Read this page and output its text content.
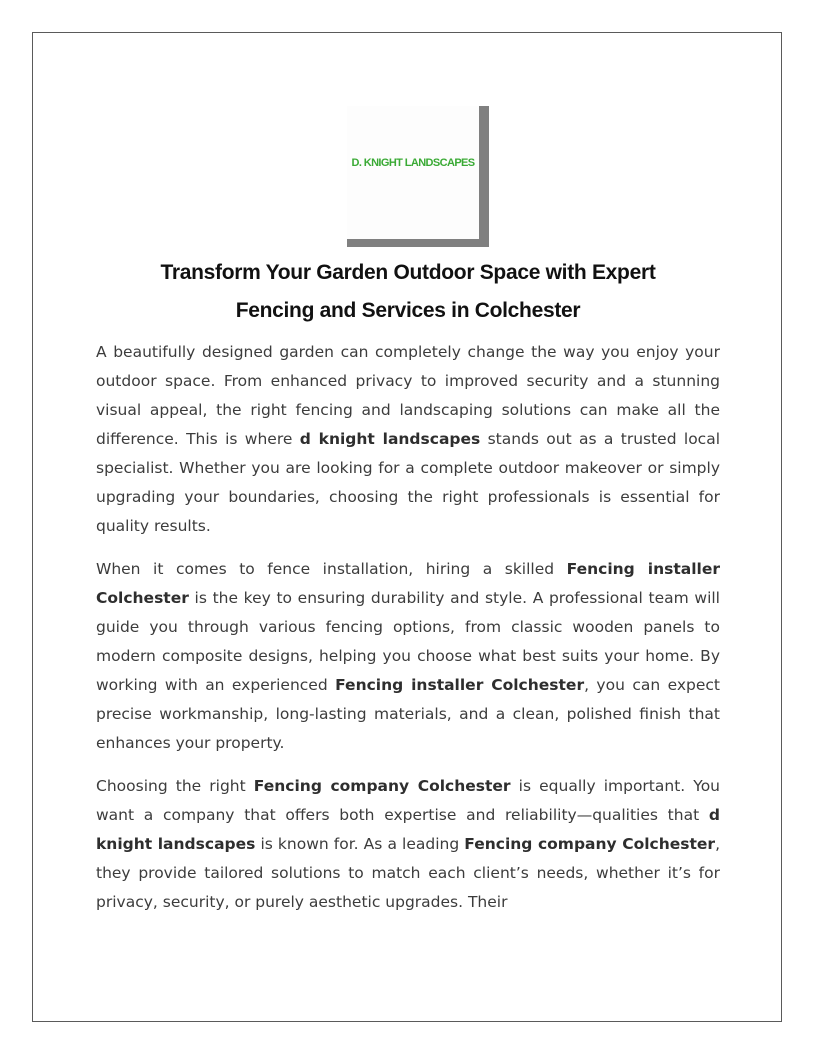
D. KNIGHT LANDSCAPES
Transform Your Garden Outdoor Space with Expert
Fencing and Services in Colchester

A beautifully designed garden can completely change the way you enjoy your outdoor space. From enhanced privacy to improved security and a stunning visual appeal, the right fencing and landscaping solutions can make all the difference. This is where d knight landscapes stands out as a trusted local specialist. Whether you are looking for a complete outdoor makeover or simply upgrading your boundaries, choosing the right professionals is essential for quality results.

When it comes to fence installation, hiring a skilled Fencing installer Colchester is the key to ensuring durability and style. A professional team will guide you through various fencing options, from classic wooden panels to modern composite designs, helping you choose what best suits your home. By working with an experienced Fencing installer Colchester, you can expect precise workmanship, long-lasting materials, and a clean, polished finish that enhances your property.

Choosing the right Fencing company Colchester is equally important. You want a company that offers both expertise and reliability—qualities that d knight landscapes is known for. As a leading Fencing company Colchester, they provide tailored solutions to match each client’s needs, whether it’s for privacy, security, or purely aesthetic upgrades. Their
